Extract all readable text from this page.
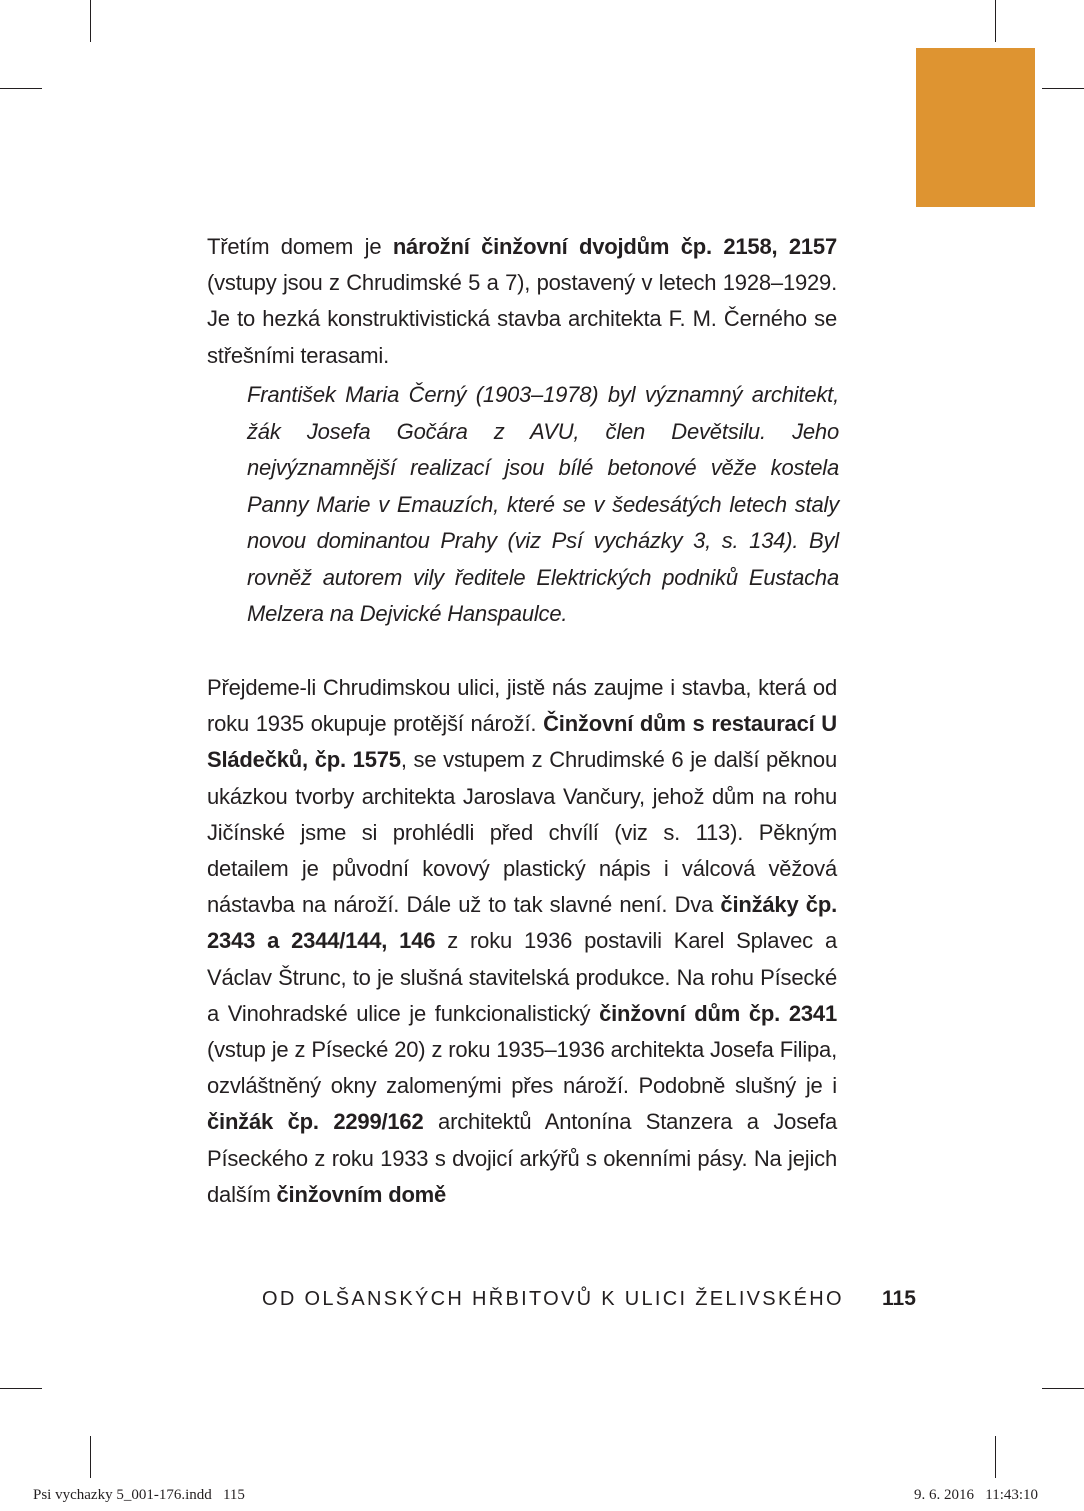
Třetím domem je nárožní činžovní dvojdům čp. 2158, 2157 (vstupy jsou z Chrudimské 5 a 7), postavený v letech 1928–1929. Je to hezká konstruktivistická stavba architekta F. M. Černého se střešními terasami.
František Maria Černý (1903–1978) byl významný architekt, žák Josefa Gočára z AVU, člen Devětsilu. Jeho nejvýznamnější realizací jsou bílé betonové věže kostela Panny Marie v Emauzích, které se v šedesátých letech staly novou dominantou Prahy (viz Psí vycházky 3, s. 134). Byl rovněž autorem vily ředitele Elektrických podniků Eustacha Melzera na Dejvické Hanspaulce.
Přejdeme-li Chrudimskou ulici, jistě nás zaujme i stavba, která od roku 1935 okupuje protější nároží. Činžovní dům s restaurací U Sládečků, čp. 1575, se vstupem z Chrudimské 6 je další pěknou ukázkou tvorby architekta Jaroslava Vančury, jehož dům na rohu Jičínské jsme si prohlédli před chvílí (viz s. 113). Pěkným detailem je původní kovový plastický nápis i válcová věžová nástavba na nároží. Dále už to tak slavné není. Dva činžáky čp. 2343 a 2344/144, 146 z roku 1936 postavili Karel Splavec a Václav Štrunc, to je slušná stavitelská produkce. Na rohu Písecké a Vinohradské ulice je funkcionalistický činžovní dům čp. 2341 (vstup je z Písecké 20) z roku 1935–1936 architekta Josefa Filipa, ozvláštněný okny zalomenými přes nároží. Podobně slušný je i činžák čp. 2299/162 architektů Antonína Stanzera a Josefa Píseckého z roku 1933 s dvojicí arkýřů s okenními pásy. Na jejich dalším činžovním domě
OD OLŠANSKÝCH HŘBITOVŮ K ULICI ŽELIVSKÉHO 115
Psi vychazky 5_001-176.indd   115	9. 6. 2016   11:43:10
